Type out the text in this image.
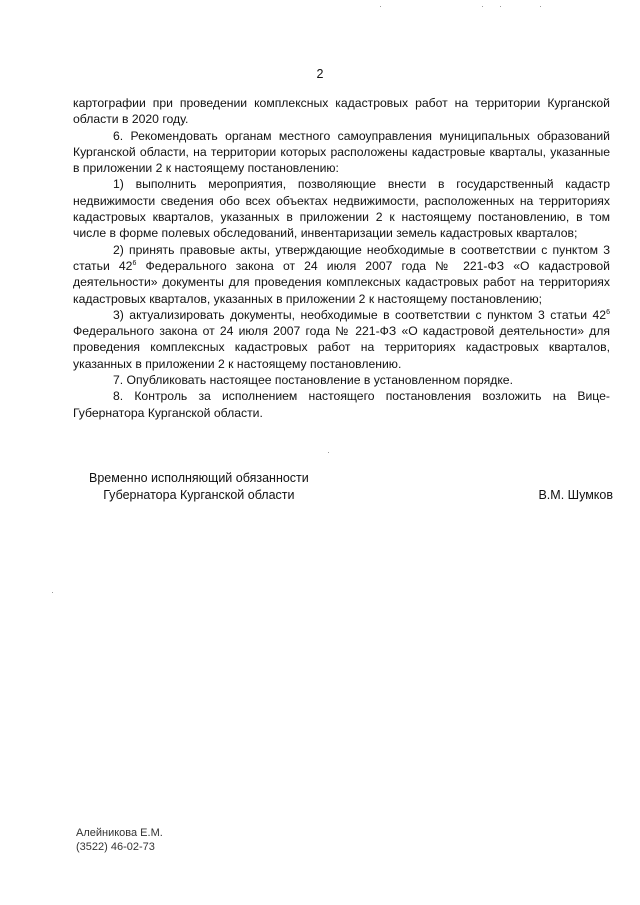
2

картографии при проведении комплексных кадастровых работ на территории Курганской области в 2020 году.

6. Рекомендовать органам местного самоуправления муниципальных образований Курганской области, на территории которых расположены кадастровые кварталы, указанные в приложении 2 к настоящему постановлению:

1) выполнить мероприятия, позволяющие внести в государственный кадастр недвижимости сведения обо всех объектах недвижимости, расположенных на территориях кадастровых кварталов, указанных в приложении 2 к настоящему постановлению, в том числе в форме полевых обследований, инвентаризации земель кадастровых кварталов;

2) принять правовые акты, утверждающие необходимые в соответствии с пунктом 3 статьи $42^6$ Федерального закона от 24 июля 2007 года № 221-ФЗ «О кадастровой деятельности» документы для проведения комплексных кадастровых работ на территориях кадастровых кварталов, указанных в приложении 2 к настоящему постановлению;

3) актуализировать документы, необходимые в соответствии с пунктом 3 статьи $42^6$ Федерального закона от 24 июля 2007 года № 221-ФЗ «О кадастровой деятельности» для проведения комплексных кадастровых работ на территориях кадастровых кварталов, указанных в приложении 2 к настоящему постановлению.

7. Опубликовать настоящее постановление в установленном порядке.

8. Контроль за исполнением настоящего постановления возложить на Вице-Губернатора Курганской области.

Временно исполняющий обязанности
Губернатора Курганской области	В.М. Шумков
Алейникова Е.М.
(3522) 46-02-73
